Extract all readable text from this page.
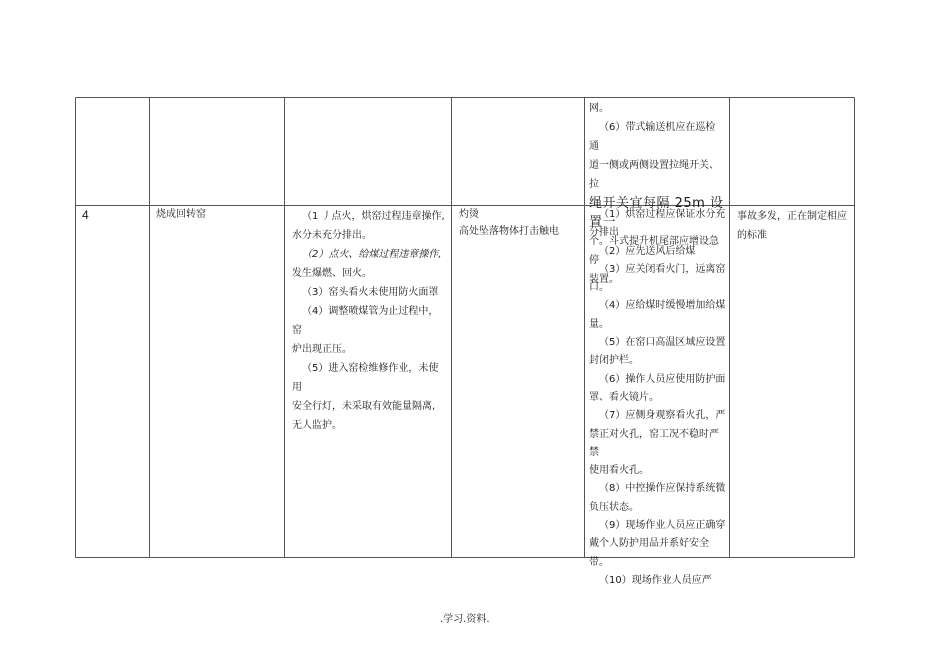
网。

（6）带式输送机应在巡检通

道一侧或两侧设置拉绳开关、拉

绳开关宜每隔 25m 设置一

个。斗式提升机尾部应增设急停

装置。

4	烧成回转窑	（1 丿点火，烘窑过程违章操作,

水分未充分排出。

（2）点火、给煤过程违章操作,

发生爆燃、回火。

（3）窑头看火未使用防火面罩

（4）调整喷煤管为止过程中，窑

炉出现正压。

（5）进入窑检维修作业，未使用

安全行灯，未采取有效能量隔离,

无人监护。

灼烫

高处坠落物体打击触电

（1）烘窑过程应保证水分充

分排出

（2）应先送风后给煤

（3）应关闭看火门，远离窑

口。

（4）应给煤时缓慢增加给煤

量。

（5）在窑口高温区域应设置

封闭护栏。

（6）操作人员应使用防护面

罩、看火镜片。

（7）应侧身观察看火孔，严

禁正对火孔，窑工况不稳时严禁

使用看火孔。

（8）中控操作应保持系统微

负压状态。

（9）现场作业人员应正确穿

戴个人防护用品并系好安全带。

（10）现场作业人员应严

事故多发，正在制定相应

的标准

.学习.资料.
